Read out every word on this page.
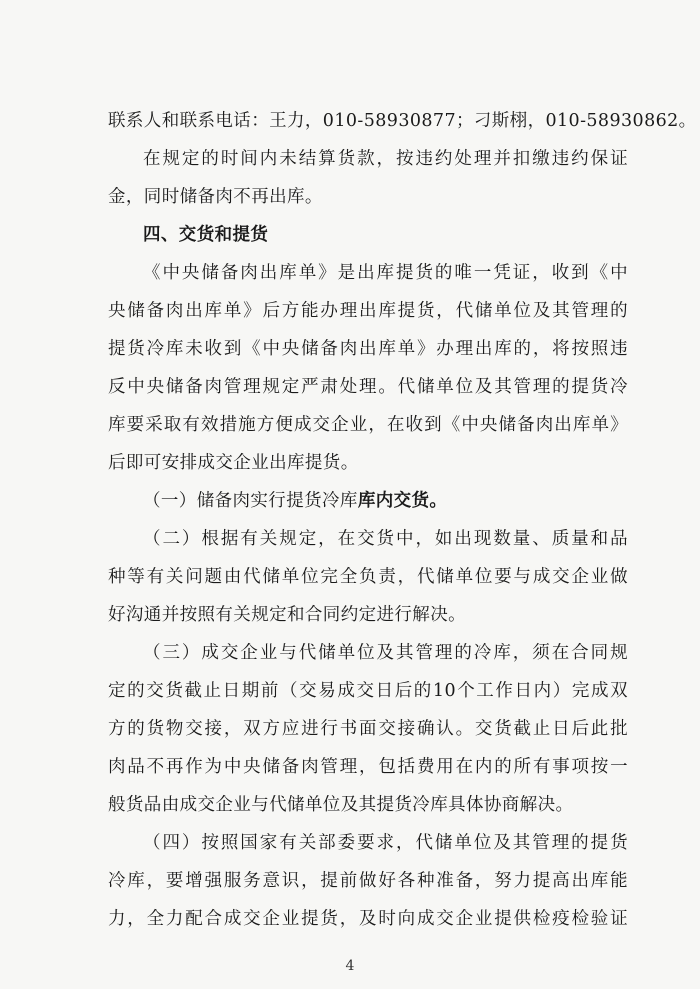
联系人和联系电话：王力，010-58930877；刁斯栩，010-58930862。
在规定的时间内未结算货款，按违约处理并扣缴违约保证
金，同时储备肉不再出库。
四、交货和提货
《中央储备肉出库单》是出库提货的唯一凭证，收到《中
央储备肉出库单》后方能办理出库提货，代储单位及其管理的
提货冷库未收到《中央储备肉出库单》办理出库的，将按照违
反中央储备肉管理规定严肃处理。代储单位及其管理的提货冷
库要采取有效措施方便成交企业，在收到《中央储备肉出库单》
后即可安排成交企业出库提货。
（一）储备肉实行提货冷库库内交货。
（二）根据有关规定，在交货中，如出现数量、质量和品
种等有关问题由代储单位完全负责，代储单位要与成交企业做
好沟通并按照有关规定和合同约定进行解决。
（三）成交企业与代储单位及其管理的冷库，须在合同规
定的交货截止日期前（交易成交日后的10个工作日内）完成双
方的货物交接，双方应进行书面交接确认。交货截止日后此批
肉品不再作为中央储备肉管理，包括费用在内的所有事项按一
般货品由成交企业与代储单位及其提货冷库具体协商解决。
（四）按照国家有关部委要求，代储单位及其管理的提货
冷库，要增强服务意识，提前做好各种准备，努力提高出库能
力，全力配合成交企业提货，及时向成交企业提供检疫检验证
4
